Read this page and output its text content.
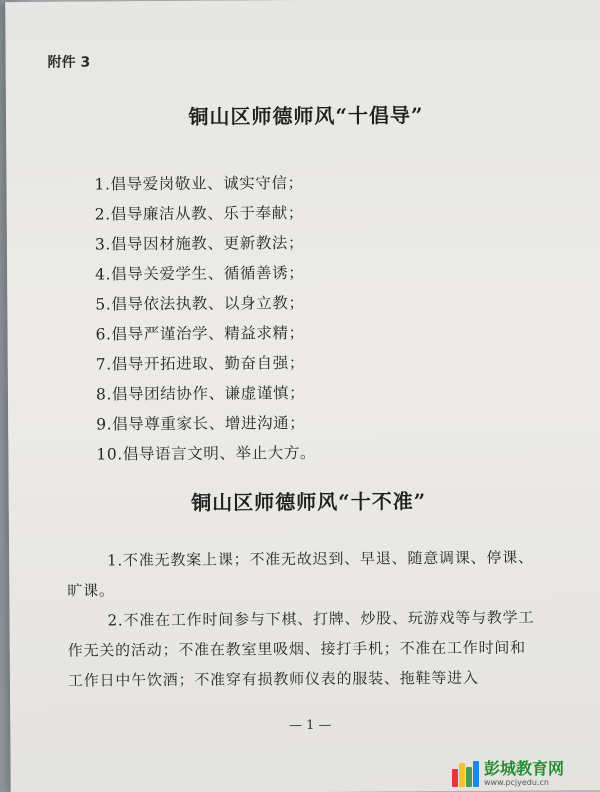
附件 3
铜山区师德师风“十倡导”
1.倡导爱岗敬业、诚实守信；
2.倡导廉洁从教、乐于奉献；
3.倡导因材施教、更新教法；
4.倡导关爱学生、循循善诱；
5.倡导依法执教、以身立教；
6.倡导严谨治学、精益求精；
7.倡导开拓进取、勤奋自强；
8.倡导团结协作、谦虚谨慎；
9.倡导尊重家长、增进沟通；
10.倡导语言文明、举止大方。
铜山区师德师风“十不准”

1.不准无教案上课；不准无故迟到、早退、随意调课、停课、旷课。

2.不准在工作时间参与下棋、打牌、炒股、玩游戏等与教学工作无关的活动；不准在教室里吸烟、接打手机；不准在工作时间和工作日中午饮酒；不准穿有损教师仪表的服装、拖鞋等进入

— 1 —
彭城教育网
www.pcjyedu.cn
